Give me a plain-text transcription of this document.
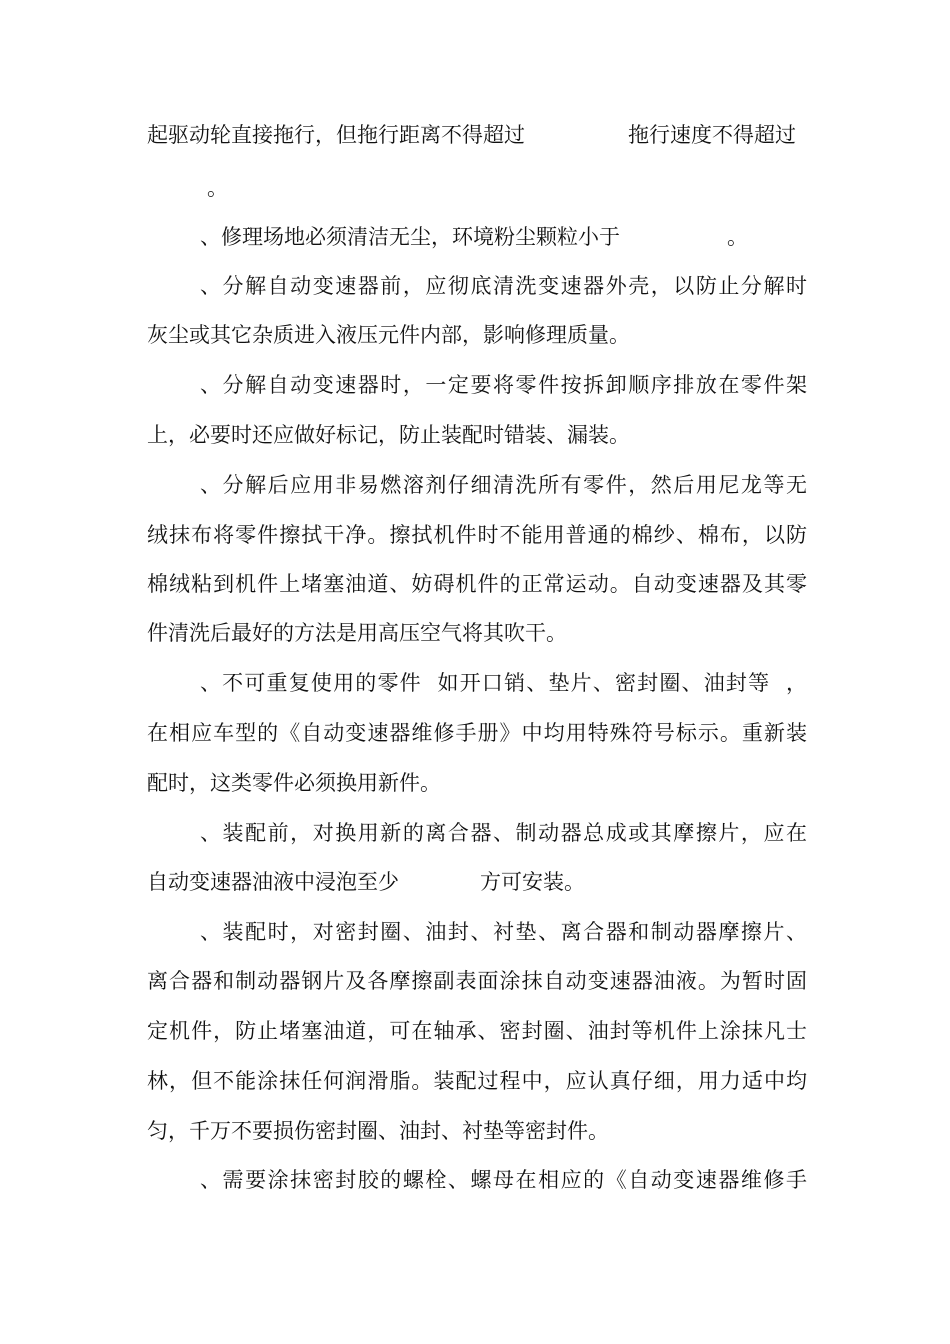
起驱动轮直接拖行，但拖行距离不得超过

	拖行速度不得超过

。

、修理场地必须清洁无尘，环境粉尘颗粒小于

	。

、分解自动变速器前，应彻底清洗变速器外壳，以防止分解时
灰尘或其它杂质进入液压元件内部，影响修理质量。
、分解自动变速器时，一定要将零件按拆卸顺序排放在零件架
上，必要时还应做好标记，防止装配时错装、漏装。
、分解后应用非易燃溶剂仔细清洗所有零件，然后用尼龙等无
绒抹布将零件擦拭干净。擦拭机件时不能用普通的棉纱、棉布，以防
棉绒粘到机件上堵塞油道、妨碍机件的正常运动。自动变速器及其零
件清洗后最好的方法是用高压空气将其吹干。
、不可重复使用的零件  如开口销、垫片、密封圈、油封等  ，
在相应车型的《自动变速器维修手册》中均用特殊符号标示。重新装
配时，这类零件必须换用新件。
、装配前，对换用新的离合器、制动器总成或其摩擦片，应在

自动变速器油液中浸泡至少

	方可安装。

、装配时，对密封圈、油封、衬垫、离合器和制动器摩擦片、
离合器和制动器钢片及各摩擦副表面涂抹自动变速器油液。为暂时固
定机件，防止堵塞油道，可在轴承、密封圈、油封等机件上涂抹凡士
林，但不能涂抹任何润滑脂。装配过程中，应认真仔细，用力适中均
匀，千万不要损伤密封圈、油封、衬垫等密封件。
、需要涂抹密封胶的螺栓、螺母在相应的《自动变速器维修手
